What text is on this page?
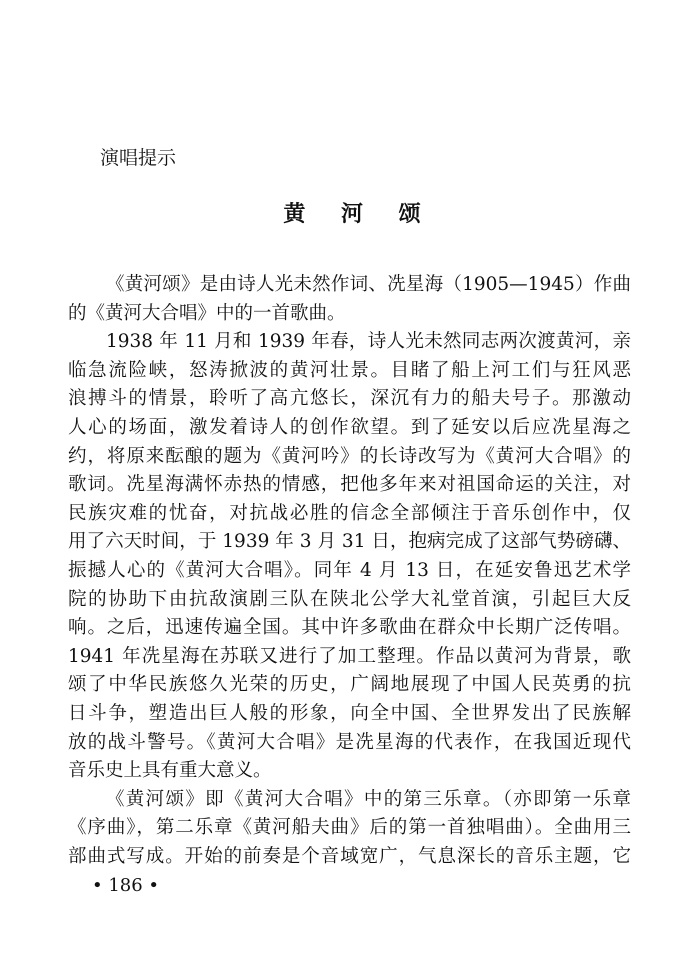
演唱提示
黄 河 颂
《黄河颂》是由诗人光未然作词、冼星海（1905—1945）作曲
的《黄河大合唱》中的一首歌曲。
1938 年 11 月和 1939 年春，诗人光未然同志两次渡黄河，亲
临急流险峡，怒涛掀波的黄河壮景。目睹了船上河工们与狂风恶
浪搏斗的情景，聆听了高亢悠长，深沉有力的船夫号子。那激动
人心的场面，激发着诗人的创作欲望。到了延安以后应冼星海之
约，将原来酝酿的题为《黄河吟》的长诗改写为《黄河大合唱》的
歌词。冼星海满怀赤热的情感，把他多年来对祖国命运的关注，对
民族灾难的忧奋，对抗战必胜的信念全部倾注于音乐创作中，仅
用了六天时间，于 1939 年 3 月 31 日，抱病完成了这部气势磅礴、
振撼人心的《黄河大合唱》。同年 4 月 13 日，在延安鲁迅艺术学
院的协助下由抗敌演剧三队在陕北公学大礼堂首演，引起巨大反
响。之后，迅速传遍全国。其中许多歌曲在群众中长期广泛传唱。
1941 年冼星海在苏联又进行了加工整理。作品以黄河为背景，歌
颂了中华民族悠久光荣的历史，广阔地展现了中国人民英勇的抗
日斗争，塑造出巨人般的形象，向全中国、全世界发出了民族解
放的战斗警号。《黄河大合唱》是冼星海的代表作，在我国近现代
音乐史上具有重大意义。
《黄河颂》即《黄河大合唱》中的第三乐章。（亦即第一乐章
《序曲》，第二乐章《黄河船夫曲》后的第一首独唱曲）。全曲用三
部曲式写成。开始的前奏是个音域宽广，气息深长的音乐主题，它
• 186 •
